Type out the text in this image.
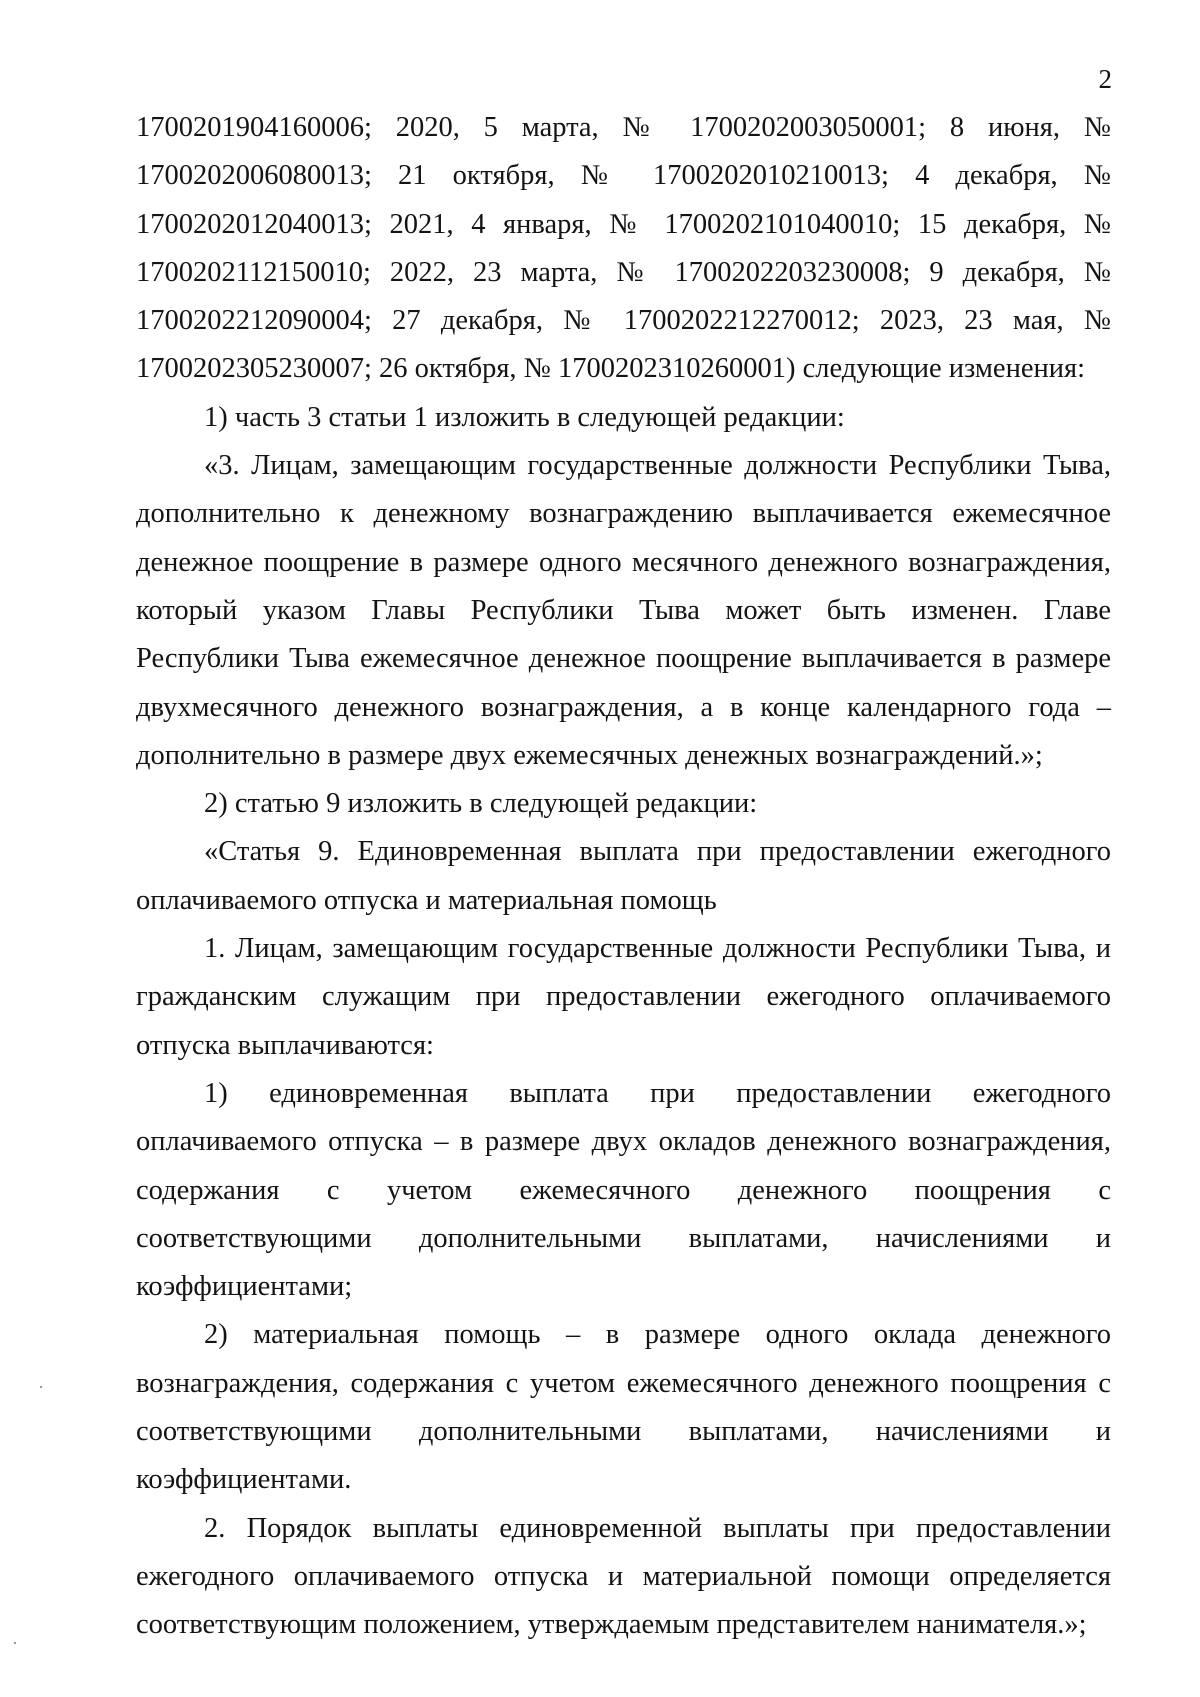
2

1700201904160006; 2020, 5 марта, № 1700202003050001; 8 июня, № 1700202006080013; 21 октября, № 1700202010210013; 4 декабря, № 1700202012040013; 2021, 4 января, № 1700202101040010; 15 декабря, № 1700202112150010; 2022, 23 марта, № 1700202203230008; 9 декабря, № 1700202212090004; 27 декабря, № 1700202212270012; 2023, 23 мая, № 1700202305230007; 26 октября, № 1700202310260001) следующие изменения:

1) часть 3 статьи 1 изложить в следующей редакции:

«3. Лицам, замещающим государственные должности Республики Тыва, дополнительно к денежному вознаграждению выплачивается ежемесячное денежное поощрение в размере одного месячного денежного вознаграждения, который указом Главы Республики Тыва может быть изменен. Главе Республики Тыва ежемесячное денежное поощрение выплачивается в размере двухмесячного денежного вознаграждения, а в конце календарного года – дополнительно в размере двух ежемесячных денежных вознаграждений.»;

2) статью 9 изложить в следующей редакции:

«Статья 9. Единовременная выплата при предоставлении ежегодного оплачиваемого отпуска и материальная помощь

1. Лицам, замещающим государственные должности Республики Тыва, и гражданским служащим при предоставлении ежегодного оплачиваемого отпуска выплачиваются:

1) единовременная выплата при предоставлении ежегодного оплачиваемого отпуска – в размере двух окладов денежного вознаграждения, содержания с учетом ежемесячного денежного поощрения с соответствующими дополнительными выплатами, начислениями и коэффициентами;

2) материальная помощь – в размере одного оклада денежного вознаграждения, содержания с учетом ежемесячного денежного поощрения с соответствующими дополнительными выплатами, начислениями и коэффициентами.

2. Порядок выплаты единовременной выплаты при предоставлении ежегодного оплачиваемого отпуска и материальной помощи определяется соответствующим положением, утверждаемым представителем нанимателя.»;
